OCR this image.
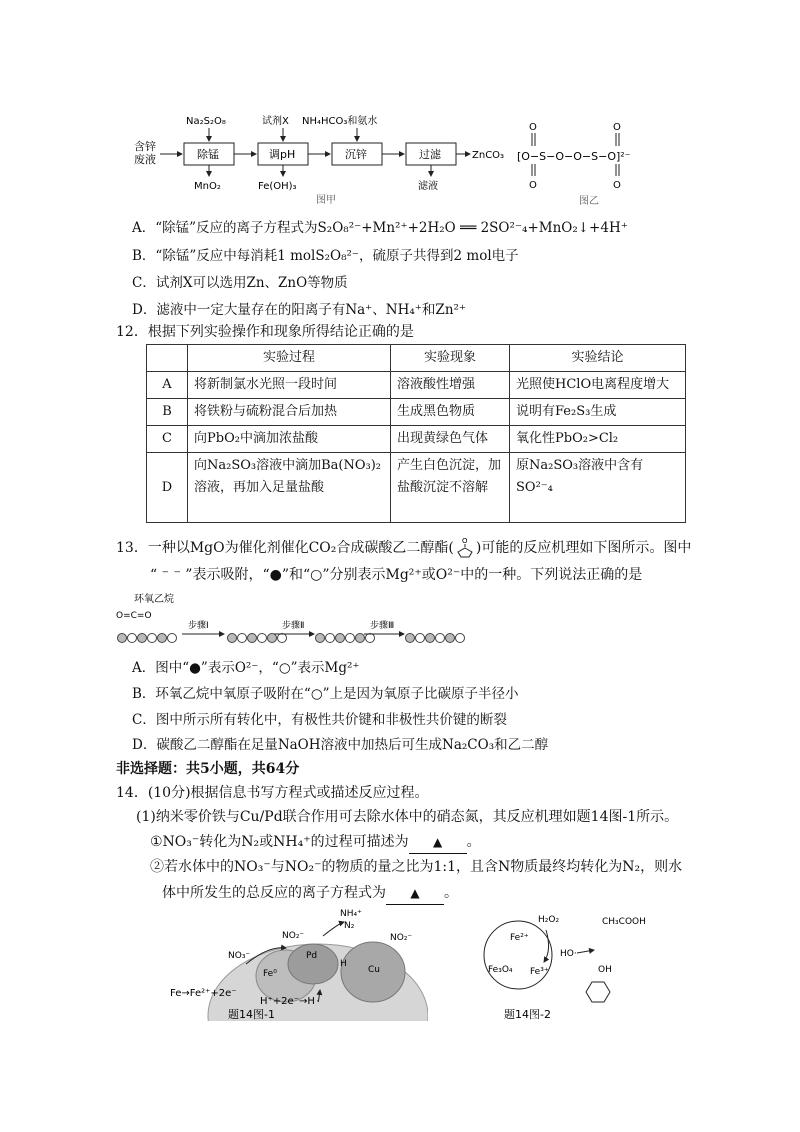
含锌
废液	除锰	调pH	沉锌	过滤	ZnCO₃
Na₂S₂O₈	试剂X NH₄HCO₃和氨水
MnO₂	Fe(OH)₃	滤液
图甲
O	O
[O−S−O−O−S−O]²⁻
O	O
图乙
A．“除锰”反应的离子方程式为S₂O₈²⁻+Mn²⁺+2H₂O ══ 2SO²⁻₄+MnO₂↓+4H⁺
B．“除锰”反应中每消耗1 molS₂O₈²⁻，硫原子共得到2 mol电子
C．试剂X可以选用Zn、ZnO等物质
D．滤液中一定大量存在的阳离子有Na⁺、NH₄⁺和Zn²⁺
12．根据下列实验操作和现象所得结论正确的是
	实验过程	实验现象	实验结论
A	将新制氯水光照一段时间	溶液酸性增强	光照使HClO电离程度增大
B	将铁粉与硫粉混合后加热	生成黑色物质	说明有Fe₂S₃生成
C	向PbO₂中滴加浓盐酸	出现黄绿色气体	氧化性PbO₂>Cl₂
D	向Na₂SO₃溶液中滴加Ba(NO₃)₂溶液，再加入足量盐酸	产生白色沉淀，加盐酸沉淀不溶解	原Na₂SO₃溶液中含有SO²⁻₄
13．一种以MgO为催化剂催化CO₂合成碳酸乙二醇酯( O )可能的反应机理如下图所示。图中
“ ⁻ ⁻ ”表示吸附，“●”和“○”分别表示Mg²⁺或O²⁻中的一种。下列说法正确的是
环氧乙烷
O=C=O
步骤Ⅰ	步骤Ⅱ	步骤Ⅲ
A．图中“●”表示O²⁻，“○”表示Mg²⁺
B．环氧乙烷中氧原子吸附在“○”上是因为氧原子比碳原子半径小
C．图中所示所有转化中，有极性共价键和非极性共价键的断裂
D．碳酸乙二醇酯在足量NaOH溶液中加热后可生成Na₂CO₃和乙二醇
非选择题：共5小题，共64分
14．(10分)根据信息书写方程式或描述反应过程。
(1)纳米零价铁与Cu/Pd联合作用可去除水体中的硝态氮，其反应机理如题14图-1所示。
①NO₃⁻转化为N₂或NH₄⁺的过程可描述为 ▲ 。
②若水体中的NO₃⁻与NO₂⁻的物质的量之比为1:1，且含N物质最终均转化为N₂，则水
体中所发生的总反应的离子方程式为 ▲ 。
Fe→Fe²⁺+2e⁻
NO₃⁻
NO₂⁻
NH₄⁺
N₂
NO₂⁻
Pd
Cu
H
Fe⁰
H⁺+2e⁻→H
题14图-1
Fe²⁺
Fe³⁺
Fe₃O₄
H₂O₂
HO·
CH₃COOH
OH
题14图-2
